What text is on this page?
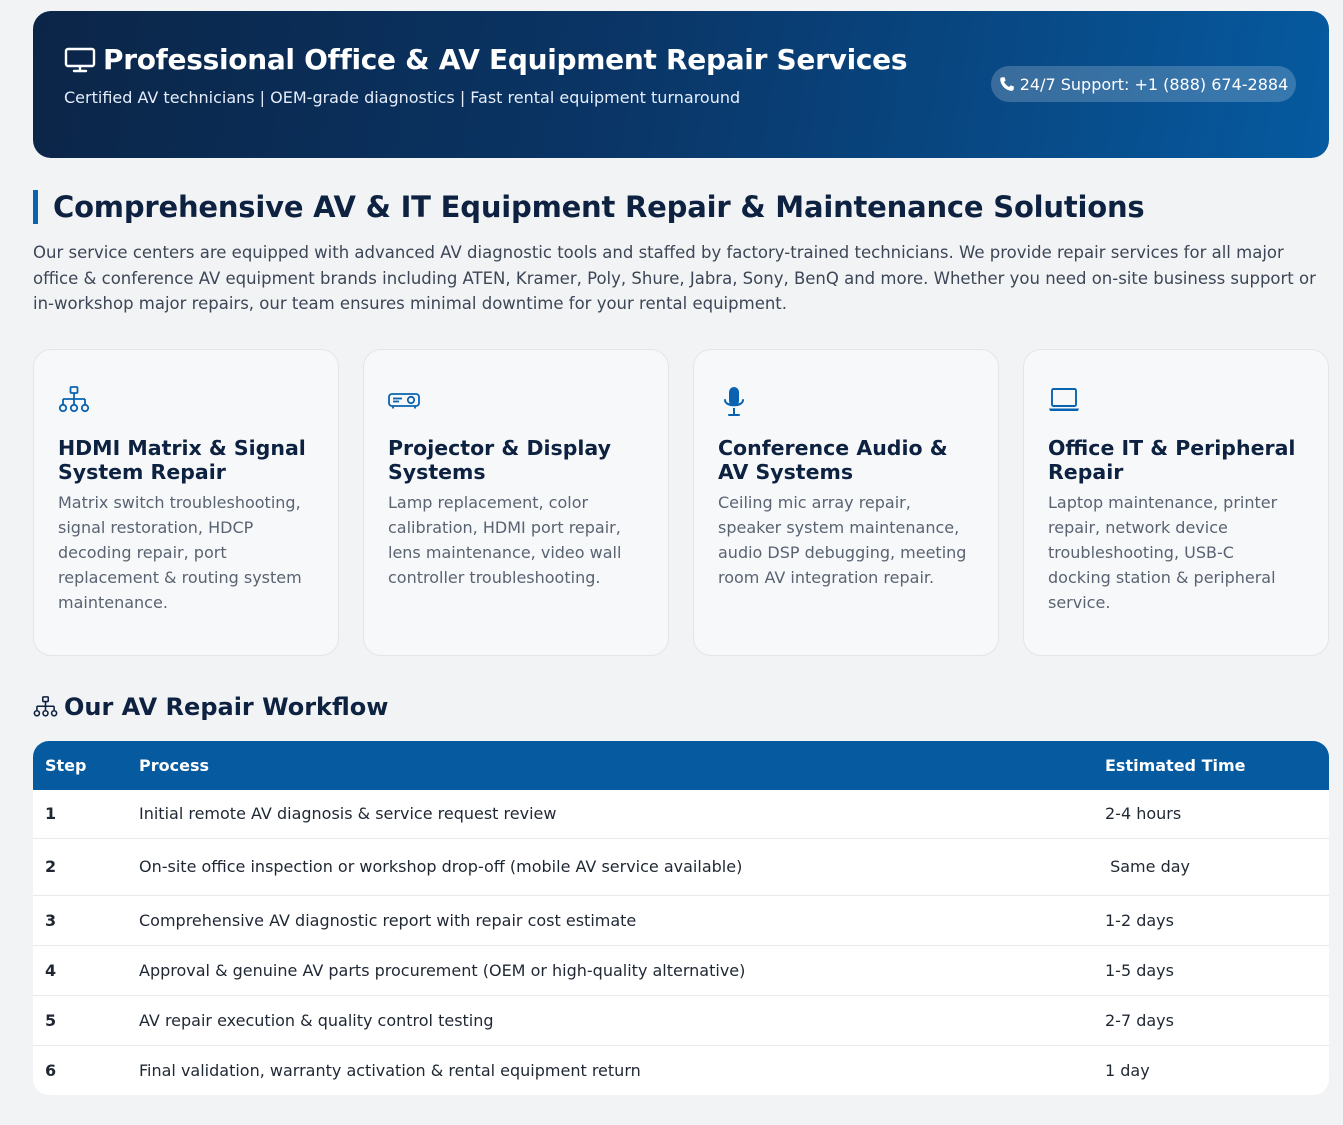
Professional Office & AV Equipment Repair Services
Certified AV technicians | OEM-grade diagnostics | Fast rental equipment turnaround
24/7 Support: +1 (888) 674-2884
Comprehensive AV & IT Equipment Repair & Maintenance Solutions

Our service centers are equipped with advanced AV diagnostic tools and staffed by factory-trained technicians. We provide repair services for all major office & conference AV equipment brands including ATEN, Kramer, Poly, Shure, Jabra, Sony, BenQ and more. Whether you need on-site business support or in-workshop major repairs, our team ensures minimal downtime for your rental equipment.

HDMI Matrix & Signal System Repair

Matrix switch troubleshooting, signal restoration, HDCP decoding repair, port replacement & routing system maintenance.

Projector & Display Systems

Lamp replacement, color calibration, HDMI port repair, lens maintenance, video wall controller troubleshooting.

Conference Audio & AV Systems

Ceiling mic array repair, speaker system maintenance, audio DSP debugging, meeting room AV integration repair.

Office IT & Peripheral Repair

Laptop maintenance, printer repair, network device troubleshooting, USB-C docking station & peripheral service.

Our AV Repair Workflow
Step	Process	Estimated Time
1	Initial remote AV diagnosis & service request review	2-4 hours
2	On-site office inspection or workshop drop-off (mobile AV service available)	Same day
3	Comprehensive AV diagnostic report with repair cost estimate	1-2 days
4	Approval & genuine AV parts procurement (OEM or high-quality alternative)	1-5 days
5	AV repair execution & quality control testing	2-7 days
6	Final validation, warranty activation & rental equipment return	1 day
